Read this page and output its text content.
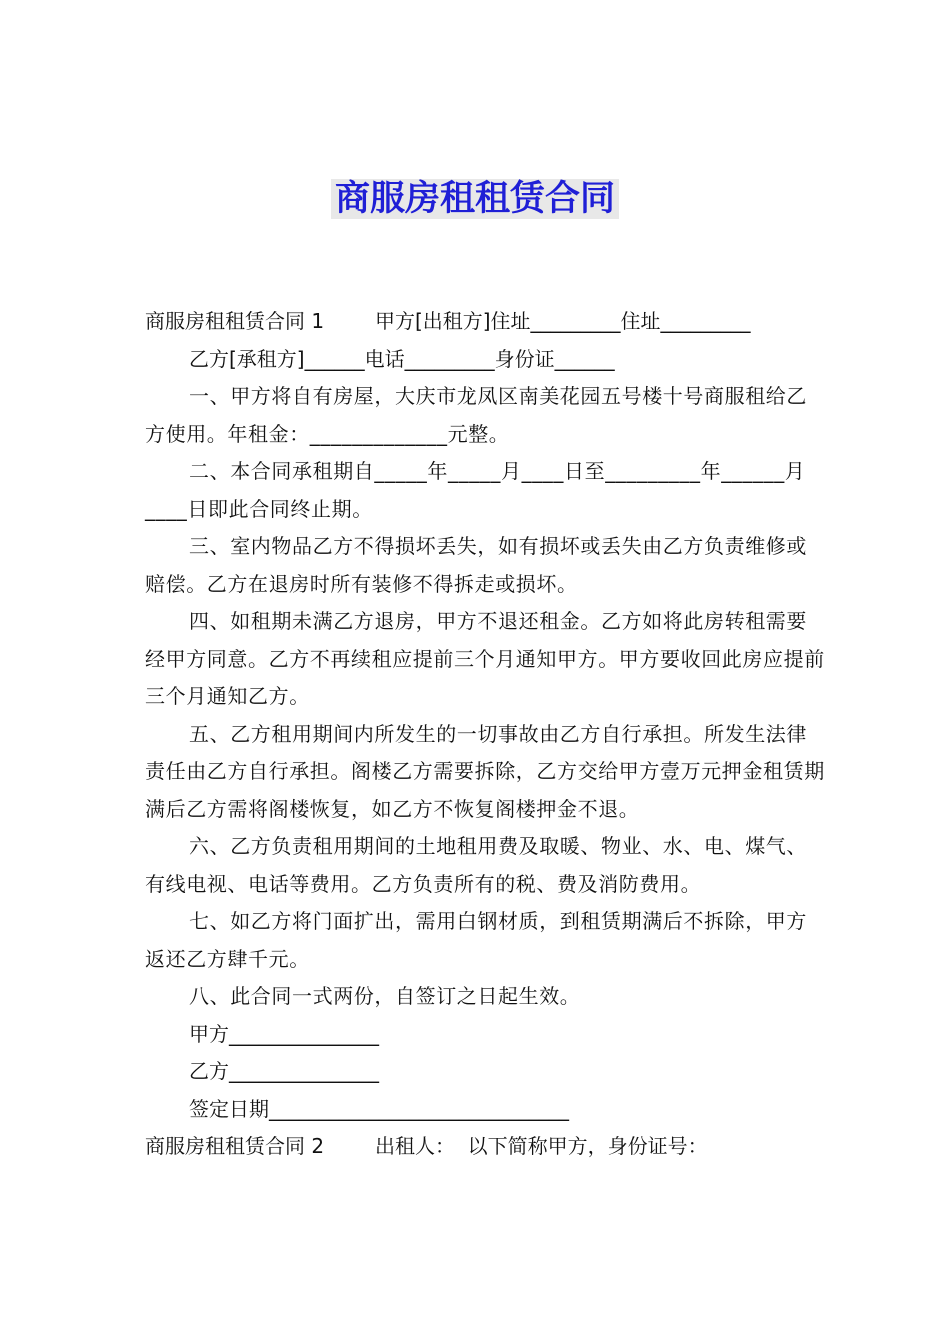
商服房租租赁合同
商服房租租赁合同 1        甲方[出租方]住址_________住址_________
乙方[承租方]______电话_________身份证______

一、甲方将自有房屋，大庆市龙凤区南美花园五号楼十号商服租给乙方使用。年租金：_____________元整。

二、本合同承租期自_____年_____月____日至_________年______月____日即此合同终止期。

三、室内物品乙方不得损坏丢失，如有损坏或丢失由乙方负责维修或赔偿。乙方在退房时所有装修不得拆走或损坏。

四、如租期未满乙方退房，甲方不退还租金。乙方如将此房转租需要经甲方同意。乙方不再续租应提前三个月通知甲方。甲方要收回此房应提前三个月通知乙方。

五、乙方租用期间内所发生的一切事故由乙方自行承担。所发生法律责任由乙方自行承担。阁楼乙方需要拆除，乙方交给甲方壹万元押金租赁期满后乙方需将阁楼恢复，如乙方不恢复阁楼押金不退。

六、乙方负责租用期间的土地租用费及取暖、物业、水、电、煤气、有线电视、电话等费用。乙方负责所有的税、费及消防费用。

七、如乙方将门面扩出，需用白钢材质，到租赁期满后不拆除，甲方返还乙方肆千元。

八、此合同一式两份，自签订之日起生效。

甲方_______________
乙方_______________
签定日期______________________________
商服房租租赁合同 2        出租人：  以下简称甲方，身份证号：
